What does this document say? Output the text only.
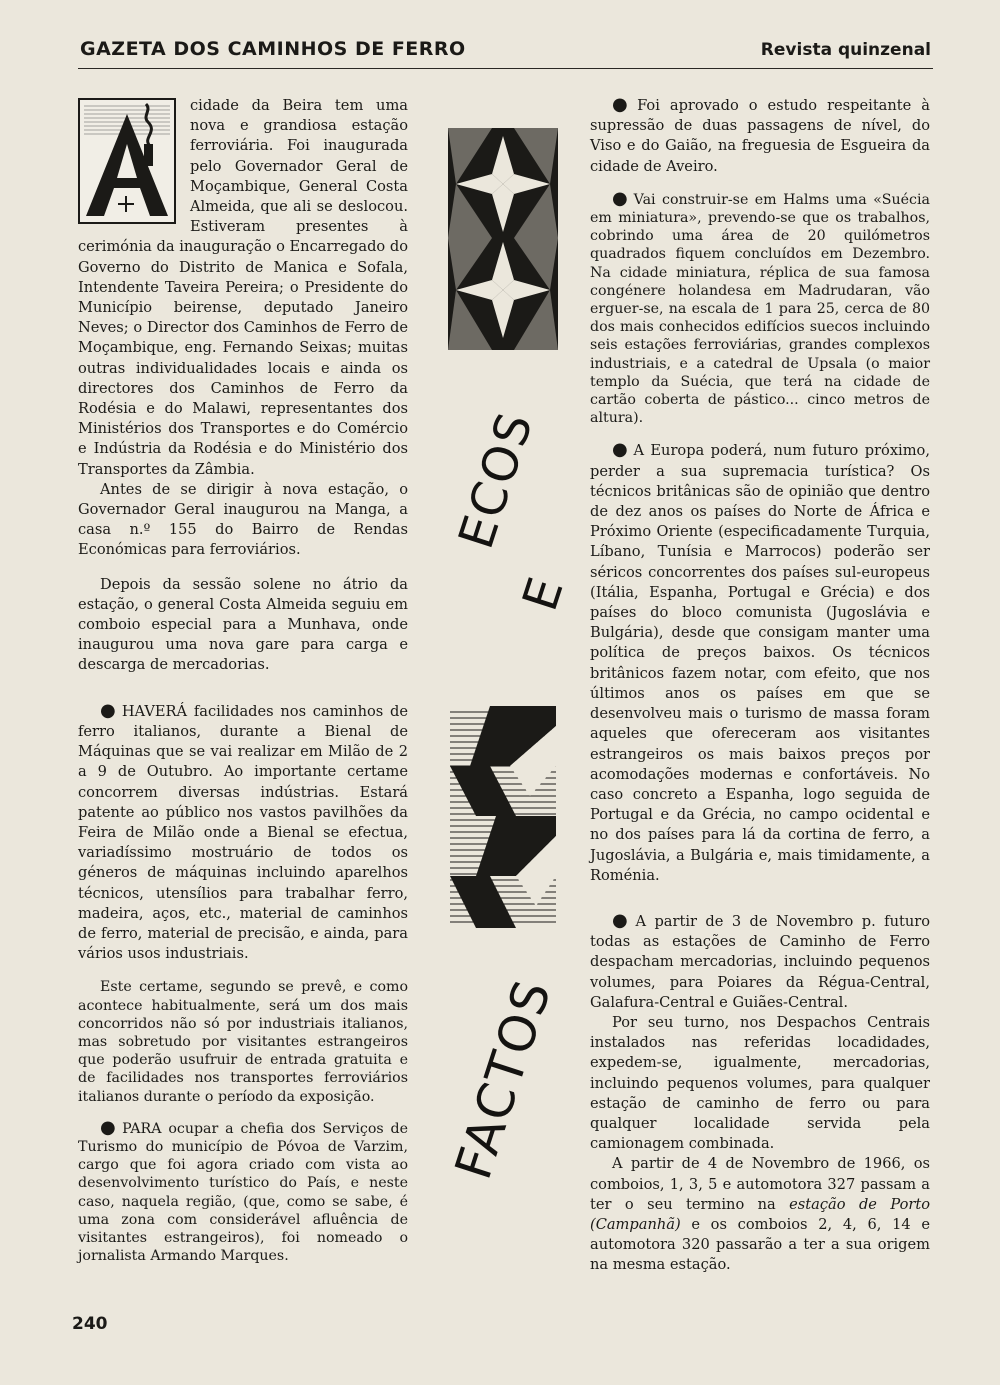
GAZETA DOS CAMINHOS DE FERRO	Revista quinzenal

cidade da Beira tem uma nova e grandiosa estação ferroviária. Foi inaugurada pelo Governador Geral de Moçambique, General Costa Almeida, que ali se deslocou. Estiveram presentes à cerimónia da inauguração o Encarregado do Governo do Distrito de Manica e Sofala, Intendente Taveira Pereira; o Presidente do Município beirense, deputado Janeiro Neves; o Director dos Caminhos de Ferro de Moçambique, eng. Fernando Seixas; muitas outras individualidades locais e ainda os directores dos Caminhos de Ferro da Rodésia e do Malawi, representantes dos Ministérios dos Transportes e do Comércio e Indústria da Rodésia e do Ministério dos Transportes da Zâmbia.

Antes de se dirigir à nova estação, o Governador Geral inaugurou na Manga, a casa n.º 155 do Bairro de Rendas Económicas para ferroviários.

Depois da sessão solene no átrio da estação, o general Costa Almeida seguiu em comboio especial para a Munhava, onde inaugurou uma nova gare para carga e descarga de mercadorias.

● HAVERÁ facilidades nos caminhos de ferro italianos, durante a Bienal de Máquinas que se vai realizar em Milão de 2 a 9 de Outubro. Ao importante certame concorrem diversas indústrias. Estará patente ao público nos vastos pavilhões da Feira de Milão onde a Bienal se efectua, variadíssimo mostruário de todos os géneros de máquinas incluindo aparelhos técnicos, utensílios para trabalhar ferro, madeira, aços, etc., material de caminhos de ferro, material de precisão, e ainda, para vários usos industriais.

Este certame, segundo se prevê, e como acontece habitualmente, será um dos mais concorridos não só por industriais italianos, mas sobretudo por visitantes estrangeiros que poderão usufruir de entrada gratuita e de facilidades nos transportes ferroviários italianos durante o período da exposição.

● PARA ocupar a chefia dos Serviços de Turismo do município de Póvoa de Varzim, cargo que foi agora criado com vista ao desenvolvimento turístico do País, e neste caso, naquela região, (que, como se sabe, é uma zona com considerável afluência de visitantes estrangeiros), foi nomeado o jornalista Armando Marques.

ECOS
E
FACTOS

● Foi aprovado o estudo respeitante à supressão de duas passagens de nível, do Viso e do Gaião, na freguesia de Esgueira da cidade de Aveiro.

● Vai construir-se em Halms uma «Suécia em miniatura», prevendo-se que os trabalhos, cobrindo uma área de 20 quilómetros quadrados fiquem concluídos em Dezembro. Na cidade miniatura, réplica de sua famosa congénere holandesa em Madrudaran, vão erguer-se, na escala de 1 para 25, cerca de 80 dos mais conhecidos edifícios suecos incluindo seis estações ferroviárias, grandes complexos industriais, e a catedral de Upsala (o maior templo da Suécia, que terá na cidade de cartão coberta de pástico... cinco metros de altura).

● A Europa poderá, num futuro próximo, perder a sua supremacia turística? Os técnicos britânicas são de opinião que dentro de dez anos os países do Norte de África e Próximo Oriente (especificadamente Turquia, Líbano, Tunísia e Marrocos) poderão ser séricos concorrentes dos países sul-europeus (Itália, Espanha, Portugal e Grécia) e dos países do bloco comunista (Jugoslávia e Bulgária), desde que consigam manter uma política de preços baixos. Os técnicos britânicos fazem notar, com efeito, que nos últimos anos os países em que se desenvolveu mais o turismo de massa foram aqueles que ofereceram aos visitantes estrangeiros os mais baixos preços por acomodações modernas e confortáveis. No caso concreto a Espanha, logo seguida de Portugal e da Grécia, no campo ocidental e no dos países para lá da cortina de ferro, a Jugoslávia, a Bulgária e, mais timidamente, a Roménia.

● A partir de 3 de Novembro p. futuro todas as estações de Caminho de Ferro despacham mercadorias, incluindo pequenos volumes, para Poiares da Régua-Central, Galafura-Central e Guiães-Central.

Por seu turno, nos Despachos Centrais instalados nas referidas locadidades, expedem-se, igualmente, mercadorias, incluindo pequenos volumes, para qualquer estação de caminho de ferro ou para qualquer localidade servida pela camionagem combinada.

A partir de 4 de Novembro de 1966, os comboios, 1, 3, 5 e automotora 327 passam a ter o seu termino na estação de Porto (Campanhã) e os comboios 2, 4, 6, 14 e automotora 320 passarão a ter a sua origem na mesma estação.

240
